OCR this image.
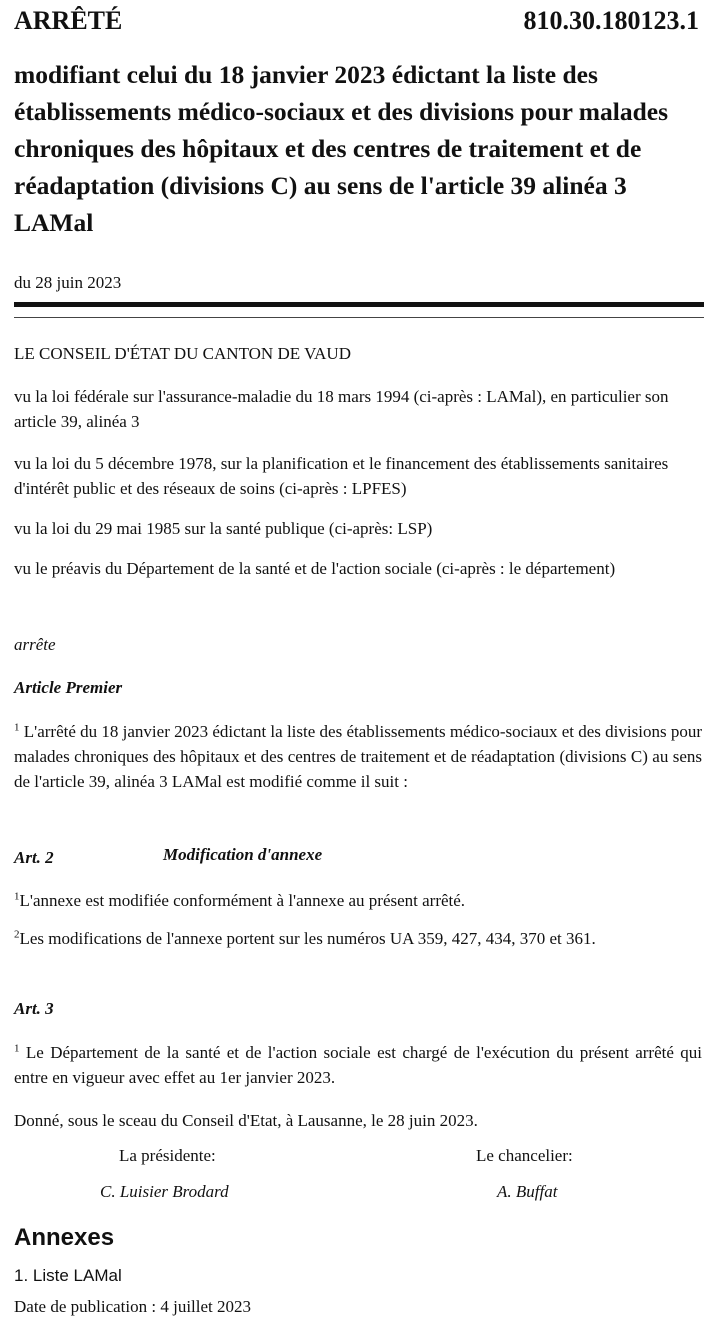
ARRÊTÉ	810.30.180123.1
modifiant celui du 18 janvier 2023 édictant la liste des établissements médico-sociaux et des divisions pour malades chroniques des hôpitaux et des centres de traitement et de réadaptation (divisions C) au sens de l'article 39 alinéa 3 LAMal
du 28 juin 2023

LE CONSEIL D'ÉTAT DU CANTON DE VAUD

vu la loi fédérale sur l'assurance-maladie du 18 mars 1994 (ci-après : LAMal), en particulier son article 39, alinéa 3

vu la loi du 5 décembre 1978, sur la planification et le financement des établissements sanitaires d'intérêt public et des réseaux de soins (ci-après : LPFES)

vu la loi du 29 mai 1985 sur la santé publique (ci-après: LSP)

vu le préavis du Département de la santé et de l'action sociale (ci-après : le département)

arrête

Article Premier

$^1$ L'arrêté du 18 janvier 2023 édictant la liste des établissements médico-sociaux et des divisions pour malades chroniques des hôpitaux et des centres de traitement et de réadaptation (divisions C) au sens de l'article 39, alinéa 3 LAMal est modifié comme il suit :

Art. 2	Modification d'annexe

$^1$L'annexe est modifiée conformément à l'annexe au présent arrêté.

$^2$Les modifications de l'annexe portent sur les numéros UA 359, 427, 434, 370 et 361.

Art. 3

$^1$ Le Département de la santé et de l'action sociale est chargé de l'exécution du présent arrêté qui entre en vigueur avec effet au 1er janvier 2023.

Donné, sous le sceau du Conseil d'Etat, à Lausanne, le 28 juin 2023.

La présidente:	Le chancelier:
C. Luisier Brodard	A. Buffat
Annexes
1. Liste LAMal
Date de publication : 4 juillet 2023
